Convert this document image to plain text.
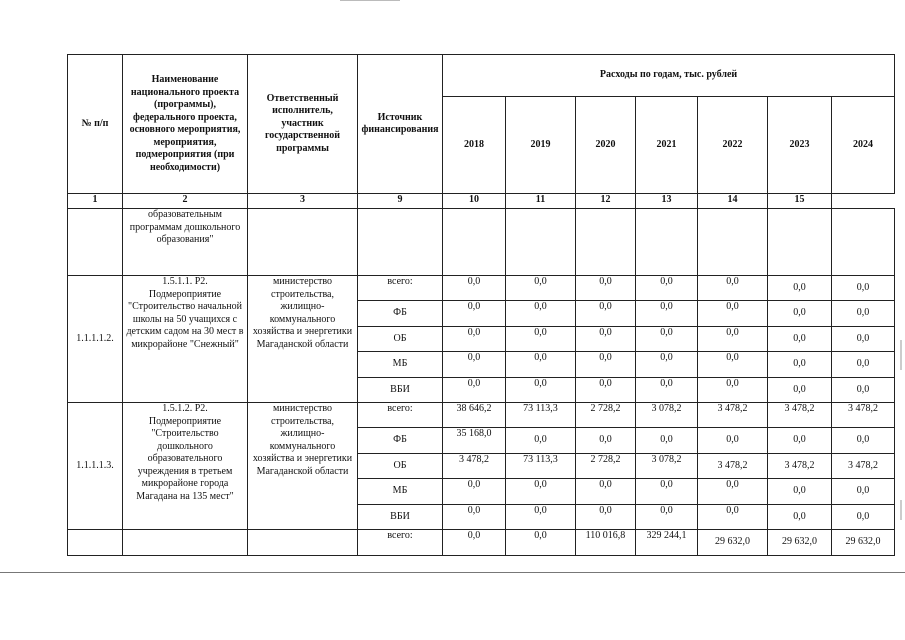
№ п/п	Наименование национального проекта (программы), федерального проекта, основного мероприятия, мероприятия, подмероприятия (при необходимости)	Ответственный исполнитель, участник государственной программы	Источник финансирования	Расходы по годам, тыс. рублей						
				2018	2019	2020	2021	2022	2023	2024
1	2	3	9	10	11	12	13	14	15	
	образовательным программам дошкольного образования"									
1.1.1.1.2.	1.5.1.1. Р2. Подмероприятие "Строительство начальной школы на 50 учащихся с детским садом на 30 мест в микрорайоне "Снежный"	министерство строительства, жилищно-коммунального хозяйства и энергетики Магаданской области	всего:	0,0	0,0	0,0	0,0	0,0	0,0	0,0
			ФБ	0,0	0,0	0,0	0,0	0,0	0,0	0,0
			ОБ	0,0	0,0	0,0	0,0	0,0	0,0	0,0
			МБ	0,0	0,0	0,0	0,0	0,0	0,0	0,0
			ВБИ	0,0	0,0	0,0	0,0	0,0	0,0	0,0
1.1.1.1.3.	1.5.1.2. Р2. Подмероприятие "Строительство дошкольного образовательного учреждения в третьем микрорайоне города Магадана на 135 мест"	министерство строительства, жилищно-коммунального хозяйства и энергетики Магаданской области	всего:	38 646,2	73 113,3	2 728,2	3 078,2	3 478,2	3 478,2	3 478,2
			ФБ	35 168,0	0,0	0,0	0,0	0,0	0,0	0,0
			ОБ	3 478,2	73 113,3	2 728,2	3 078,2	3 478,2	3 478,2	3 478,2
			МБ	0,0	0,0	0,0	0,0	0,0	0,0	0,0
			ВБИ	0,0	0,0	0,0	0,0	0,0	0,0	0,0
			всего:	0,0	0,0	110 016,8	329 244,1	29 632,0	29 632,0	29 632,0
